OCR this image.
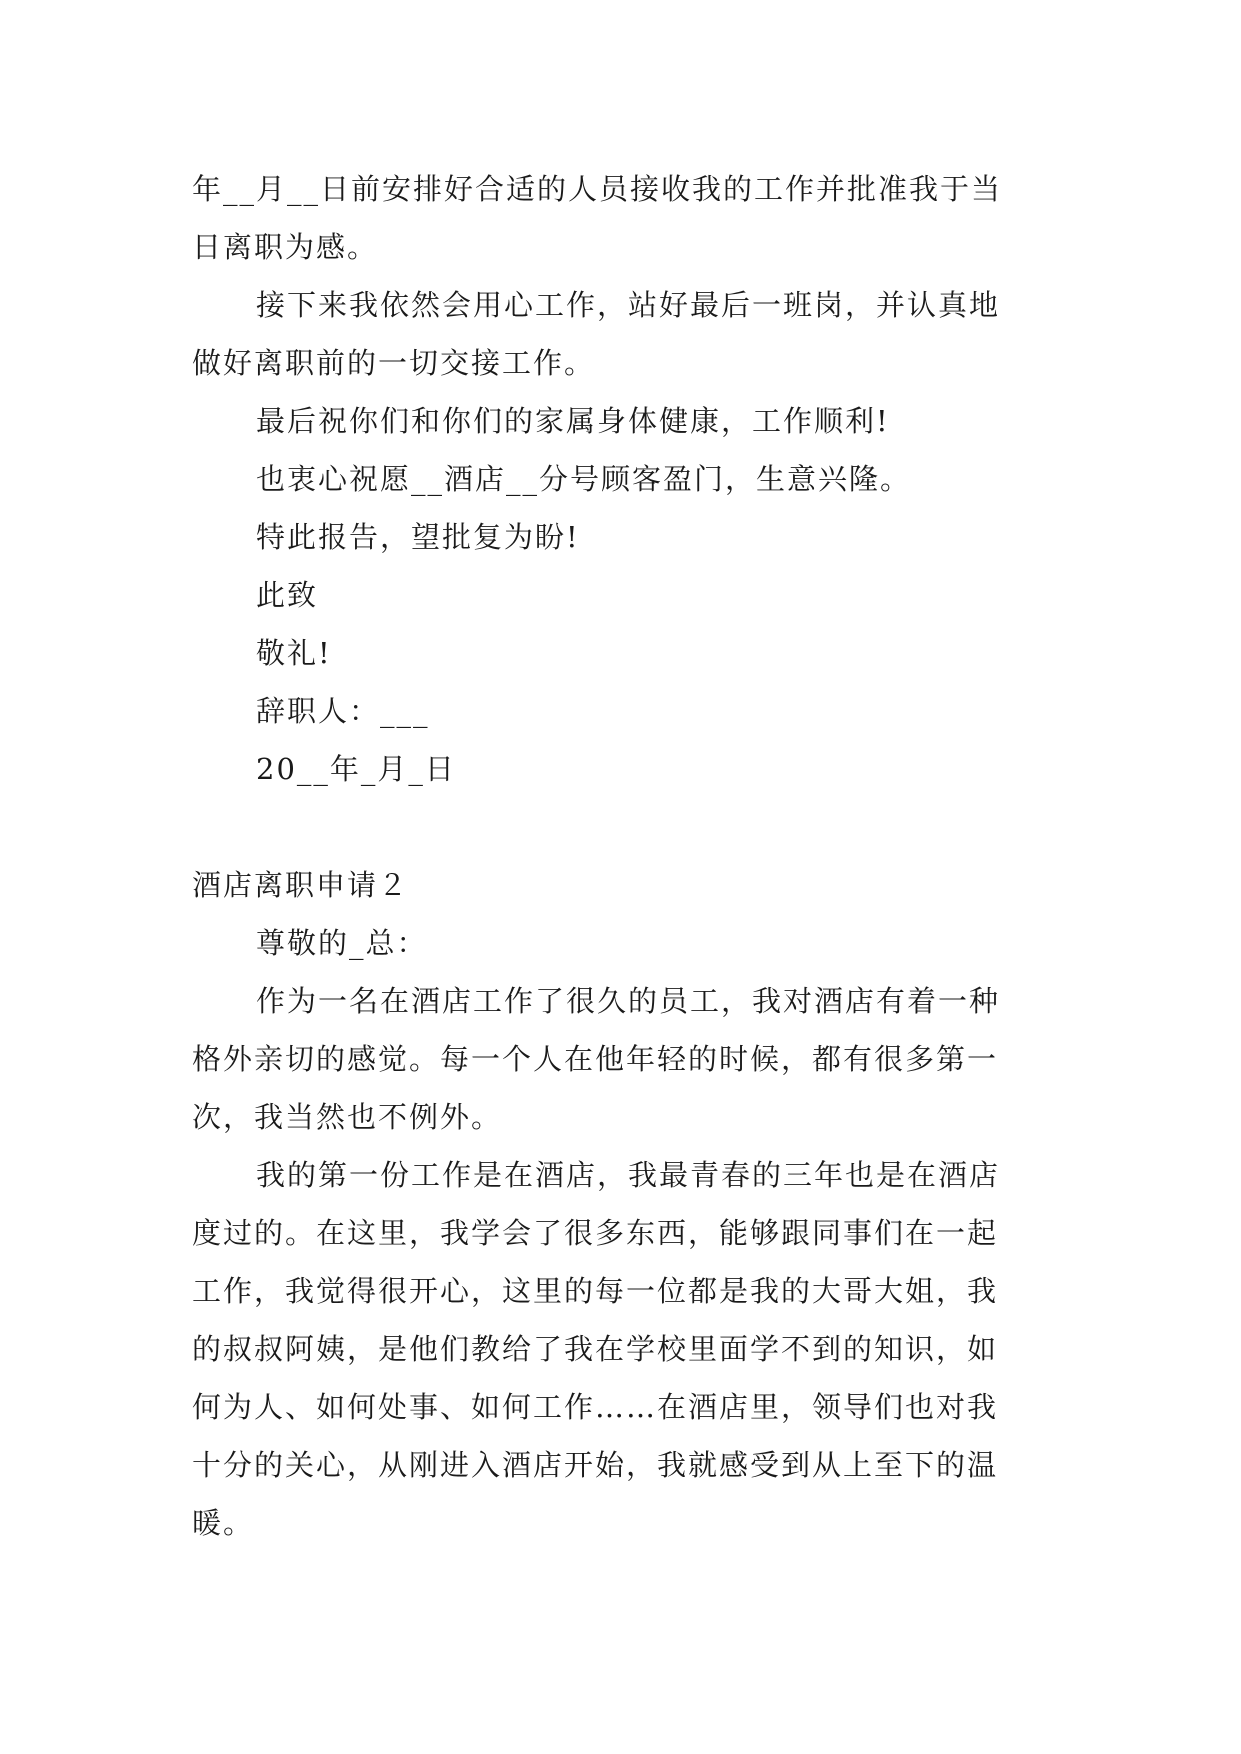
年__月__日前安排好合适的人员接收我的工作并批准我于当

日离职为感。

接下来我依然会用心工作，站好最后一班岗，并认真地

做好离职前的一切交接工作。

最后祝你们和你们的家属身体健康，工作顺利!

也衷心祝愿__酒店__分号顾客盈门，生意兴隆。

特此报告，望批复为盼!

此致

敬礼!

辞职人：___

20__年_月_日

酒店离职申请２

尊敬的_总：

作为一名在酒店工作了很久的员工，我对酒店有着一种

格外亲切的感觉。每一个人在他年轻的时候，都有很多第一

次，我当然也不例外。

我的第一份工作是在酒店，我最青春的三年也是在酒店

度过的。在这里，我学会了很多东西，能够跟同事们在一起

工作，我觉得很开心，这里的每一位都是我的大哥大姐，我

的叔叔阿姨，是他们教给了我在学校里面学不到的知识，如

何为人、如何处事、如何工作……在酒店里，领导们也对我

十分的关心，从刚进入酒店开始，我就感受到从上至下的温

暖。
